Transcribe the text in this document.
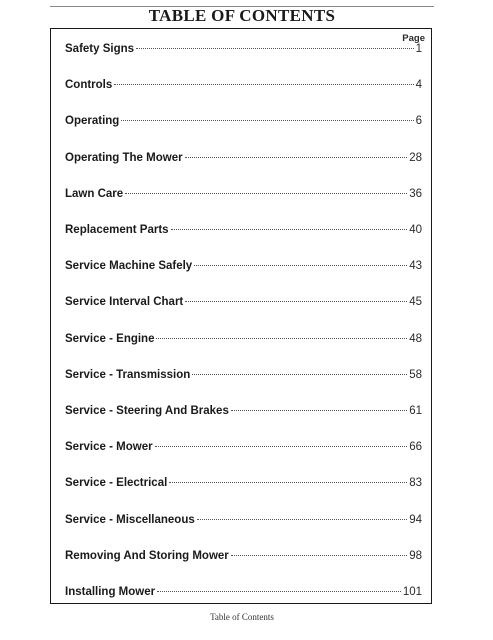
TABLE OF CONTENTS
Page
Safety Signs	1
Controls	4
Operating	6
Operating The Mower	28
Lawn Care	36
Replacement Parts	40
Service Machine Safely	43
Service Interval Chart	45
Service - Engine	48
Service - Transmission	58
Service - Steering And Brakes	61
Service - Mower	66
Service - Electrical	83
Service - Miscellaneous	94
Removing And Storing Mower	98
Installing Mower	101
Table of Contents
